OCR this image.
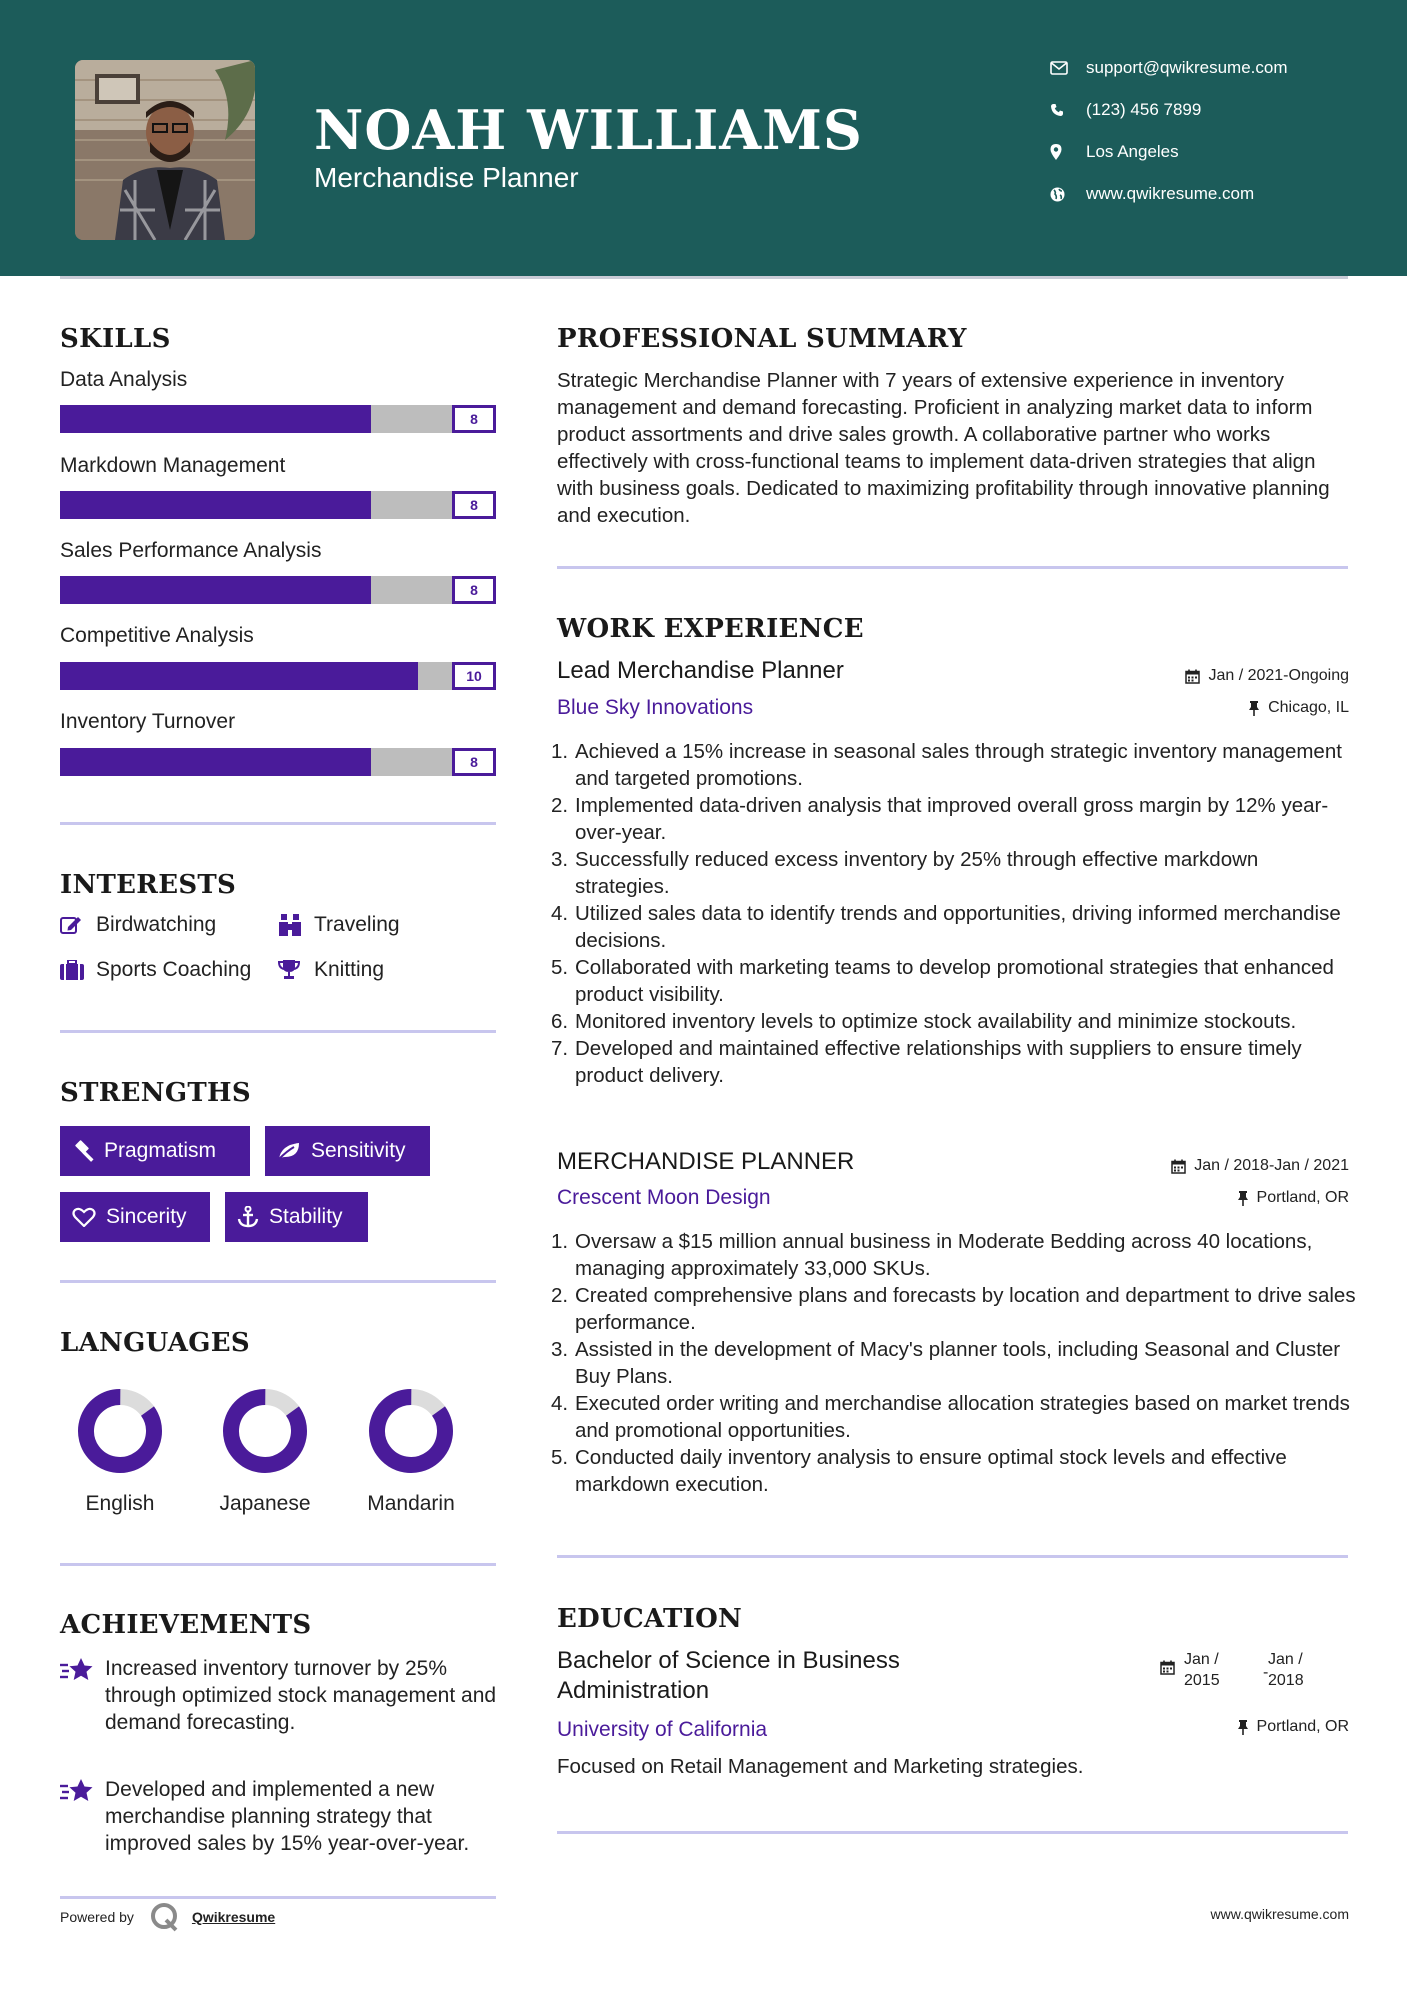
NOAH WILLIAMS
Merchandise Planner
support@qwikresume.com
(123) 456 7899
Los Angeles
www.qwikresume.com
SKILLS
Data Analysis
8
Markdown Management
8
Sales Performance Analysis
8
Competitive Analysis
10
Inventory Turnover
8
INTERESTS
Birdwatching	Traveling
Sports Coaching	Knitting
STRENGTHS
Pragmatism	Sensitivity
Sincerity	Stability
LANGUAGES
English	Japanese	Mandarin
ACHIEVEMENTS
Increased inventory turnover by 25% through optimized stock management and demand forecasting.
Developed and implemented a new merchandise planning strategy that improved sales by 15% year-over-year.
PROFESSIONAL SUMMARY
Strategic Merchandise Planner with 7 years of extensive experience in inventory management and demand forecasting. Proficient in analyzing market data to inform product assortments and drive sales growth. A collaborative partner who works effectively with cross-functional teams to implement data-driven strategies that align with business goals. Dedicated to maximizing profitability through innovative planning and execution.
WORK EXPERIENCE
Lead Merchandise Planner	Jan / 2021-Ongoing
Blue Sky Innovations	Chicago, IL
1. Achieved a 15% increase in seasonal sales through strategic inventory management and targeted promotions.
2. Implemented data-driven analysis that improved overall gross margin by 12% year-over-year.
3. Successfully reduced excess inventory by 25% through effective markdown strategies.
4. Utilized sales data to identify trends and opportunities, driving informed merchandise decisions.
5. Collaborated with marketing teams to develop promotional strategies that enhanced product visibility.
6. Monitored inventory levels to optimize stock availability and minimize stockouts.
7. Developed and maintained effective relationships with suppliers to ensure timely product delivery.
MERCHANDISE PLANNER	Jan / 2018-Jan / 2021
Crescent Moon Design	Portland, OR
1. Oversaw a $15 million annual business in Moderate Bedding across 40 locations, managing approximately 33,000 SKUs.
2. Created comprehensive plans and forecasts by location and department to drive sales performance.
3. Assisted in the development of Macy's planner tools, including Seasonal and Cluster Buy Plans.
4. Executed order writing and merchandise allocation strategies based on market trends and promotional opportunities.
5. Conducted daily inventory analysis to ensure optimal stock levels and effective markdown execution.
EDUCATION
Bachelor of Science in Business
Administration
Jan /
2015	-
Jan /
2018
University of California	Portland, OR
Focused on Retail Management and Marketing strategies.
Powered by	Qwikresume	www.qwikresume.com
